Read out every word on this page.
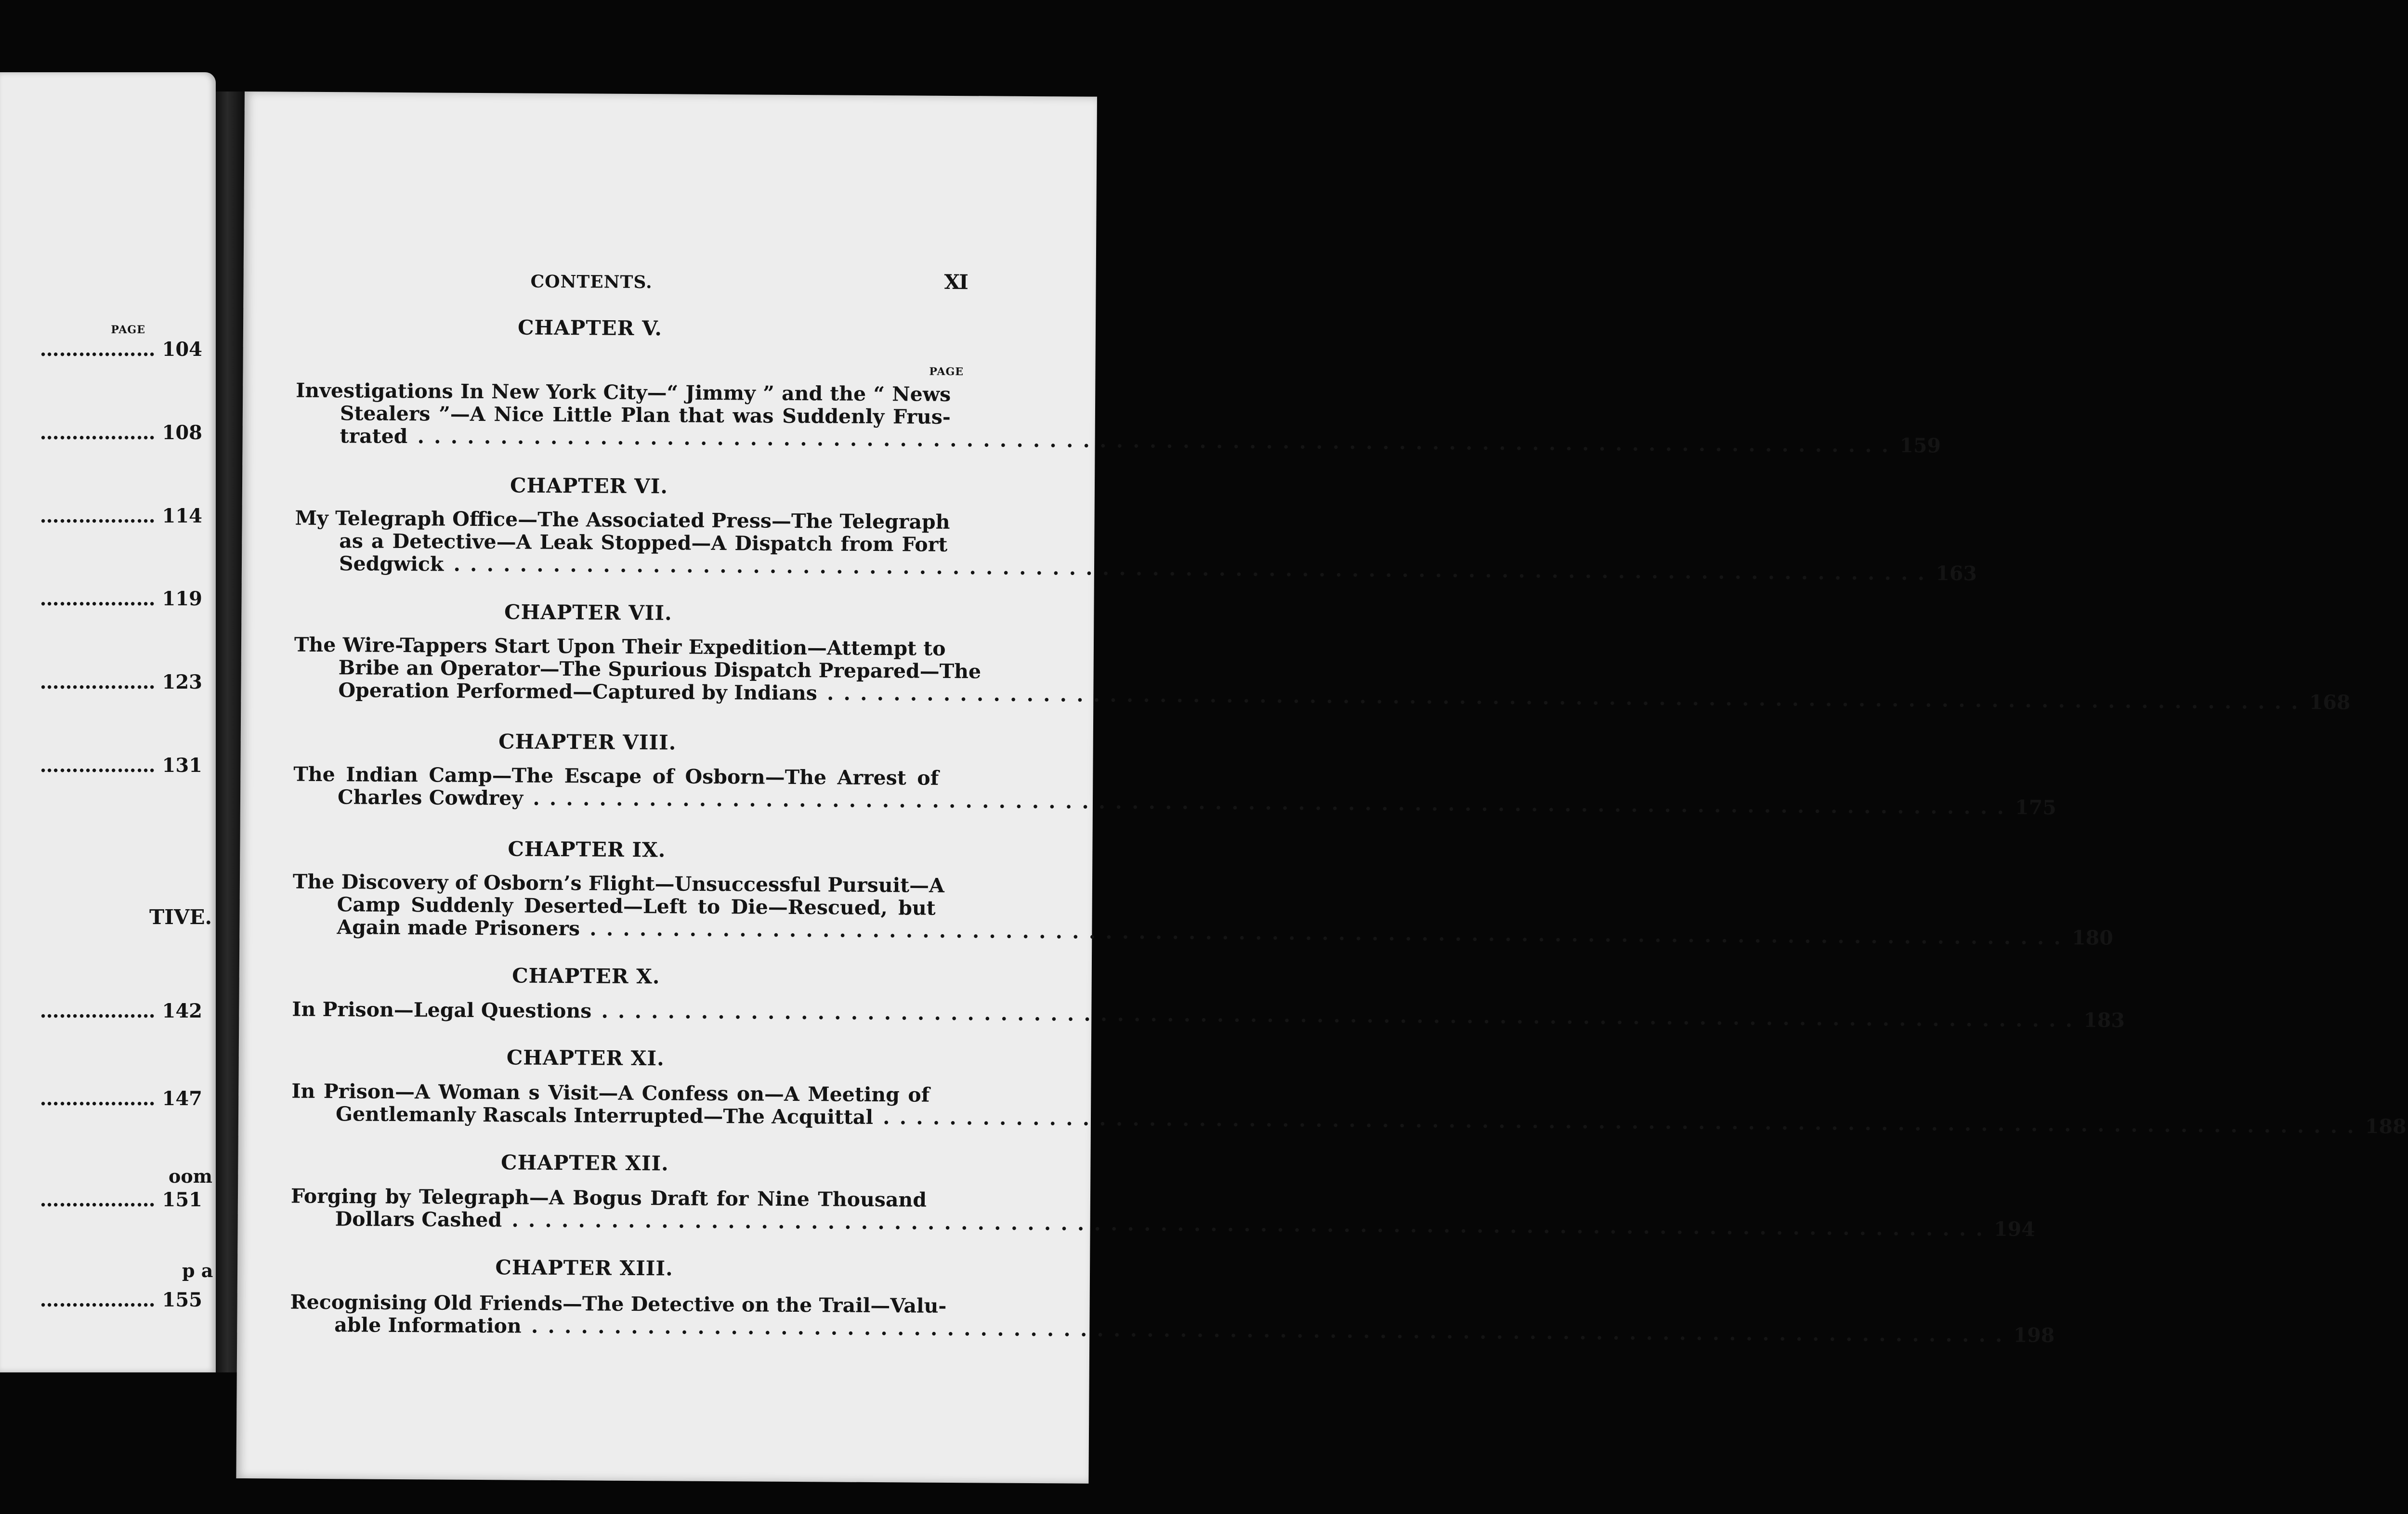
PAGE
……………… 104
……………… 108
……………… 114
……………… 119
……………… 123
……………… 131
TIVE.
……………… 142
……………… 147
oom
……………… 151
p a
……………… 155
CONTENTS.	XI
PAGE
CHAPTER V.
Investigations In New York City—“ Jimmy ” and the “ News
Stealers ”—A Nice Little Plan that was Suddenly Frus-
trated . . . . . . . . . . . . . . . . . . . . . . . . . . . . . . . . . . . . . . . . . . . . . . . . . . . . . . . . . . . . . . . . . . . . . . . . . . . . . . . . . . . . . . . . . 159
CHAPTER VI.
My Telegraph Office—The Associated Press—The Telegraph
as a Detective—A Leak Stopped—A Dispatch from Fort
Sedgwick . . . . . . . . . . . . . . . . . . . . . . . . . . . . . . . . . . . . . . . . . . . . . . . . . . . . . . . . . . . . . . . . . . . . . . . . . . . . . . . . . . . . . . . . . 163
CHAPTER VII.
The Wire-Tappers Start Upon Their Expedition—Attempt to
Bribe an Operator—The Spurious Dispatch Prepared—The
Operation Performed—Captured by Indians . . . . . . . . . . . . . . . . . . . . . . . . . . . . . . . . . . . . . . . . . . . . . . . . . . . . . . . . . . . . . . . . . . . . . . . . . . . . . . . . . . . . . . . . . 168
CHAPTER VIII.
The Indian Camp—The Escape of Osborn—The Arrest of
Charles Cowdrey . . . . . . . . . . . . . . . . . . . . . . . . . . . . . . . . . . . . . . . . . . . . . . . . . . . . . . . . . . . . . . . . . . . . . . . . . . . . . . . . . . . . . . . . . 175
CHAPTER IX.
The Discovery of Osborn’s Flight—Unsuccessful Pursuit—A
Camp Suddenly Deserted—Left to Die—Rescued, but
Again made Prisoners . . . . . . . . . . . . . . . . . . . . . . . . . . . . . . . . . . . . . . . . . . . . . . . . . . . . . . . . . . . . . . . . . . . . . . . . . . . . . . . . . . . . . . . . . 180
CHAPTER X.
In Prison—Legal Questions . . . . . . . . . . . . . . . . . . . . . . . . . . . . . . . . . . . . . . . . . . . . . . . . . . . . . . . . . . . . . . . . . . . . . . . . . . . . . . . . . . . . . . . . . 183
CHAPTER XI.
In Prison—A Woman s Visit—A Confess on—A Meeting of
Gentlemanly Rascals Interrupted—The Acquittal . . . . . . . . . . . . . . . . . . . . . . . . . . . . . . . . . . . . . . . . . . . . . . . . . . . . . . . . . . . . . . . . . . . . . . . . . . . . . . . . . . . . . . . . . 188
CHAPTER XII.
Forging by Telegraph—A Bogus Draft for Nine Thousand
Dollars Cashed . . . . . . . . . . . . . . . . . . . . . . . . . . . . . . . . . . . . . . . . . . . . . . . . . . . . . . . . . . . . . . . . . . . . . . . . . . . . . . . . . . . . . . . . . 194
CHAPTER XIII.
Recognising Old Friends—The Detective on the Trail—Valu-
able Information . . . . . . . . . . . . . . . . . . . . . . . . . . . . . . . . . . . . . . . . . . . . . . . . . . . . . . . . . . . . . . . . . . . . . . . . . . . . . . . . . . . . . . . . . 198
